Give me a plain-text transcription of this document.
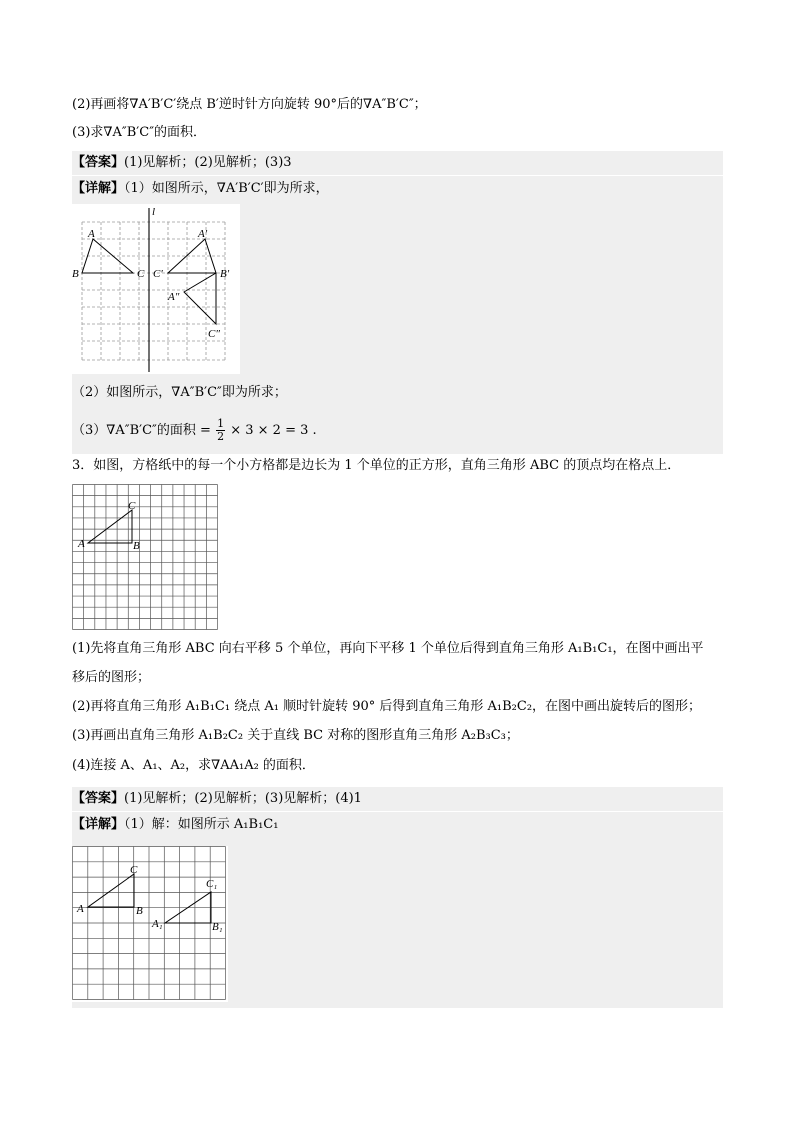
(2)再画将∇A′B′C′绕点 B′逆时针方向旋转 90°后的∇A″B′C″；
(3)求∇A″B′C″的面积．
【答案】(1)见解析；(2)见解析；(3)3
【详解】（1）如图所示，∇A′B′C′即为所求，
l
A
B	C
A′
B′
C′
A″
C″
（2）如图所示，∇A″B′C″即为所求；
（3）∇A″B′C″的面积 = $\frac{1}{2} \times 3 \times 2 = 3$ .
3．如图，方格纸中的每一个小方格都是边长为 1 个单位的正方形，直角三角形 ABC 的顶点均在格点上．
A	B
C
(1)先将直角三角形 ABC 向右平移 5 个单位，再向下平移 1 个单位后得到直角三角形 A₁B₁C₁，在图中画出平
移后的图形；
(2)再将直角三角形 A₁B₁C₁ 绕点 A₁ 顺时针旋转 90° 后得到直角三角形 A₁B₂C₂，在图中画出旋转后的图形；
(3)再画出直角三角形 A₁B₂C₂ 关于直线 BC 对称的图形直角三角形 A₂B₃C₃；
(4)连接 A、A₁、A₂，求∇AA₁A₂ 的面积．
【答案】(1)见解析；(2)见解析；(3)见解析；(4)1
【详解】（1）解：如图所示 A₁B₁C₁
A	B
C
A₁	B₁
C₁
